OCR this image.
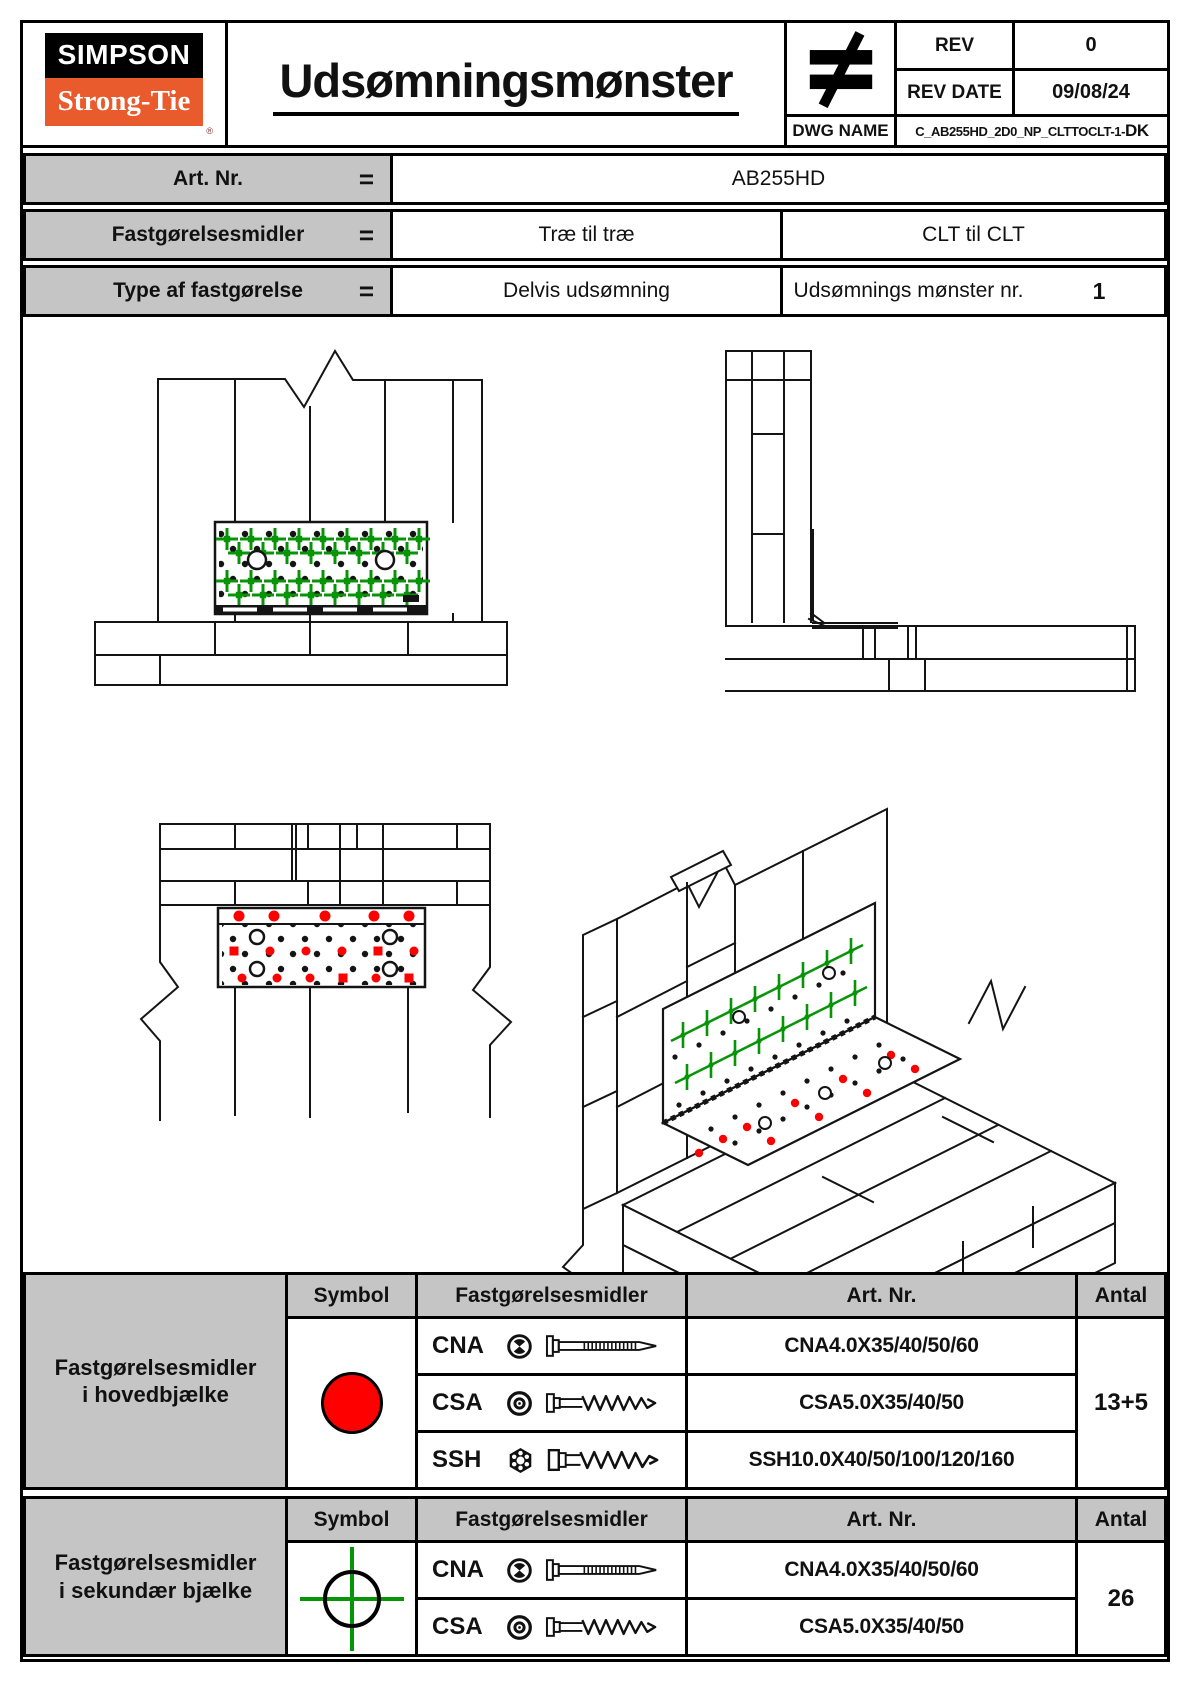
SIMPSON
Strong-Tie
®
Udsømningsmønster
REV	0
REV DATE	09/08/24
DWG NAME	C_AB255HD_2D0_NP_CLTTOCLT-1- DK
Art. Nr.	=	AB255HD
Fastgørelsesmidler =	Træ til træ	CLT til CLT
Type af fastgørelse =	Delvis udsømning	Udsømnings mønster nr.	1
Fastgørelsesmidler
i hovedbjælke
Symbol	Fastgørelsesmidler	Art. Nr.	Antal
CNA	CNA4.0X35/40/50/60
CSA	CSA5.0X35/40/50
SSH	SSH10.0X40/50/100/120/160
13+5
Fastgørelsesmidler
i sekundær bjælke
Symbol	Fastgørelsesmidler	Art. Nr.	Antal
CNA	CNA4.0X35/40/50/60
CSA	CSA5.0X35/40/50
26
